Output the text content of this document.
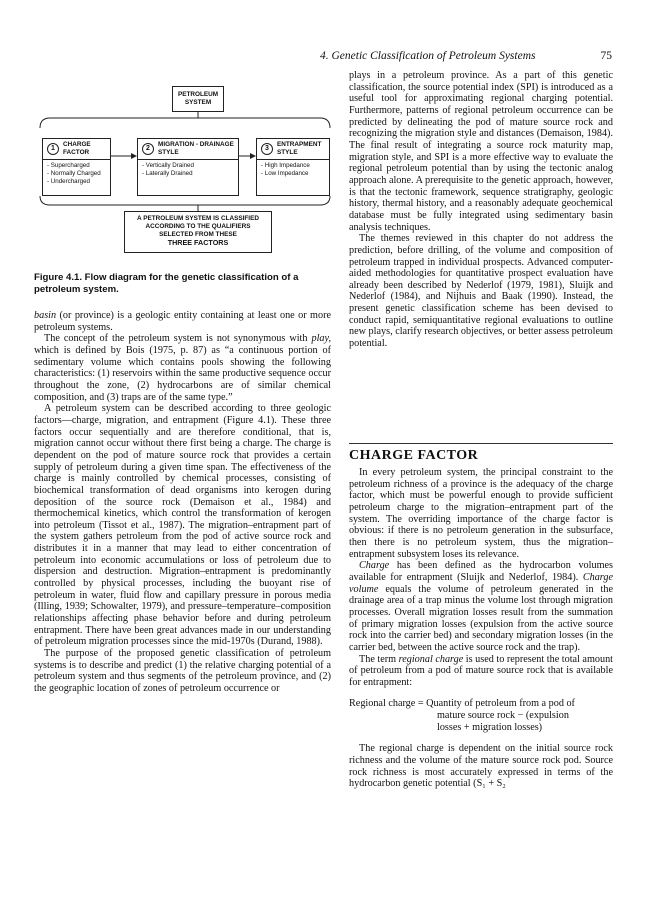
4. Genetic Classification of Petroleum Systems	75
PETROLEUM SYSTEM
1
CHARGE FACTOR
- Supercharged
- Normally Charged
- Undercharged
2
MIGRATION - DRAINAGE STYLE
- Vertically Drained
- Laterally Drained
3
ENTRAPMENT STYLE
- High Impedance
- Low Impedance
A PETROLEUM SYSTEM IS CLASSIFIED ACCORDING TO THE QUALIFIERS SELECTED FROM THESE
THREE FACTORS
Figure 4.1. Flow diagram for the genetic classification of a petroleum system.

basin (or province) is a geologic entity containing at least one or more petroleum systems.

The concept of the petroleum system is not synonymous with play, which is defined by Bois (1975, p. 87) as “a continuous portion of sedimentary volume which contains pools showing the following characteristics: (1) reservoirs within the same productive sequence occur throughout the zone, (2) hydrocarbons are of similar chemical composition, and (3) traps are of the same type.”

A petroleum system can be described according to three geologic factors—charge, migration, and entrapment (Figure 4.1). These three factors occur sequentially and are therefore conditional, that is, migration cannot occur without there first being a charge. The charge is dependent on the pod of mature source rock that provides a certain supply of petroleum during a given time span. The effectiveness of the charge is mainly controlled by chemical processes, consisting of biochemical transformation of dead organisms into kerogen during deposition of the source rock (Demaison et al., 1984) and thermochemical kinetics, which control the transformation of kerogen into petroleum (Tissot et al., 1987). The migration–entrapment part of the system gathers petroleum from the pod of active source rock and distributes it in a manner that may lead to either concentration of petroleum into economic accumulations or loss of petroleum due to dispersion and destruction. Migration–entrapment is predominantly controlled by physical processes, including the buoyant rise of petroleum in water, fluid flow and capillary pressure in porous media (Illing, 1939; Schowalter, 1979), and pressure–temperature–composition relationships affecting phase behavior before and during petroleum entrapment. There have been great advances made in our understanding of petroleum migration processes since the mid-1970s (Durand, 1988).

The purpose of the proposed genetic classification of petroleum systems is to describe and predict (1) the relative charging potential of a petroleum system and thus segments of the petroleum province, and (2) the geographic location of zones of petroleum occurrence or

plays in a petroleum province. As a part of this genetic classification, the source potential index (SPI) is introduced as a useful tool for approximating regional charging potential. Furthermore, patterns of regional petroleum occurrence can be predicted by delineating the pod of mature source rock and recognizing the migration style and distances (Demaison, 1984). The final result of integrating a source rock maturity map, migration style, and SPI is a more effective way to evaluate the regional petroleum potential than by using the tectonic analog approach alone. A prerequisite to the genetic approach, however, is that the tectonic framework, sequence stratigraphy, geologic history, thermal history, and a reasonably adequate geochemical database must be fully integrated using sedimentary basin analysis techniques.

The themes reviewed in this chapter do not address the prediction, before drilling, of the volume and composition of petroleum trapped in individual prospects. Advanced computer-aided methodologies for quantitative prospect evaluation have already been described by Nederlof (1979, 1981), Sluijk and Nederlof (1984), and Nijhuis and Baak (1990). Instead, the present genetic classification scheme has been devised to conduct rapid, semiquantitative regional evaluations to outline new plays, clarify research objectives, or better assess petroleum potential.

CHARGE FACTOR

In every petroleum system, the principal constraint to the petroleum richness of a province is the adequacy of the charge factor, which must be powerful enough to provide sufficient petroleum charge to the migration–entrapment part of the system. The overriding importance of the charge factor is obvious: if there is no petroleum generation in the subsurface, then there is no petroleum system, thus the migration–entrapment subsystem loses its relevance.

Charge has been defined as the hydrocarbon volumes available for entrapment (Sluijk and Nederlof, 1984). Charge volume equals the volume of petroleum generated in the drainage area of a trap minus the volume lost through migration processes. Overall migration losses result from the summation of primary migration losses (expulsion from the active source rock into the carrier bed) and secondary migration losses (in the carrier bed, between the active source rock and the trap).

The term regional charge is used to represent the total amount of petroleum from a pod of mature source rock that is available for entrapment:

Regional charge = Quantity of petroleum from a pod of
mature source rock − (expulsion
losses + migration losses)

The regional charge is dependent on the initial source rock richness and the volume of the mature source rock pod. Source rock richness is most accurately expressed in terms of the hydrocarbon genetic potential (S₁ + S₂
